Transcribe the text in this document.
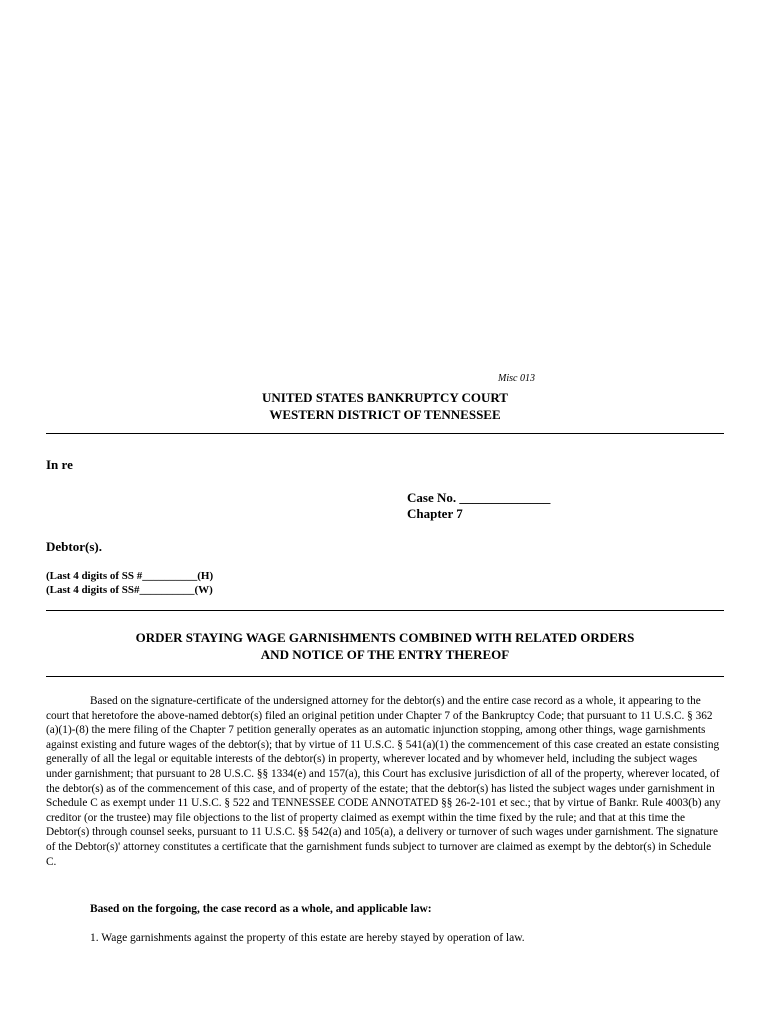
Misc 013
UNITED STATES BANKRUPTCY COURT
WESTERN DISTRICT OF TENNESSEE
In re
Case No. ______________
Chapter 7
Debtor(s).
(Last 4 digits of SS #__________(H)
(Last 4 digits of SS#__________(W)
ORDER STAYING WAGE GARNISHMENTS COMBINED WITH RELATED ORDERS
AND NOTICE OF THE ENTRY THEREOF
Based on the signature-certificate of the undersigned attorney for the debtor(s) and the entire case record as a whole, it appearing to the court that heretofore the above-named debtor(s) filed an original petition under Chapter 7 of the Bankruptcy Code; that pursuant to 11 U.S.C. § 362 (a)(1)-(8) the mere filing of the Chapter 7 petition generally operates as an automatic injunction stopping, among other things, wage garnishments against existing and future wages of the debtor(s); that by virtue of 11 U.S.C. § 541(a)(1) the commencement of this case created an estate consisting generally of all the legal or equitable interests of the debtor(s) in property, wherever located and by whomever held, including the subject wages under garnishment; that pursuant to 28 U.S.C. §§ 1334(e) and 157(a), this Court has exclusive jurisdiction of all of the property, wherever located, of the debtor(s) as of the commencement of this case, and of property of the estate; that the debtor(s) has listed the subject wages under garnishment in Schedule C as exempt under 11 U.S.C. § 522 and TENNESSEE CODE ANNOTATED §§ 26-2-101 et sec.; that by virtue of Bankr. Rule 4003(b) any creditor (or the trustee) may file objections to the list of property claimed as exempt within the time fixed by the rule; and that at this time the Debtor(s) through counsel seeks, pursuant to 11 U.S.C. §§ 542(a) and 105(a), a delivery or turnover of such wages under garnishment. The signature of the Debtor(s)' attorney constitutes a certificate that the garnishment funds subject to turnover are claimed as exempt by the debtor(s) in Schedule C.
Based on the forgoing, the case record as a whole, and applicable law:
1. Wage garnishments against the property of this estate are hereby stayed by operation of law.
